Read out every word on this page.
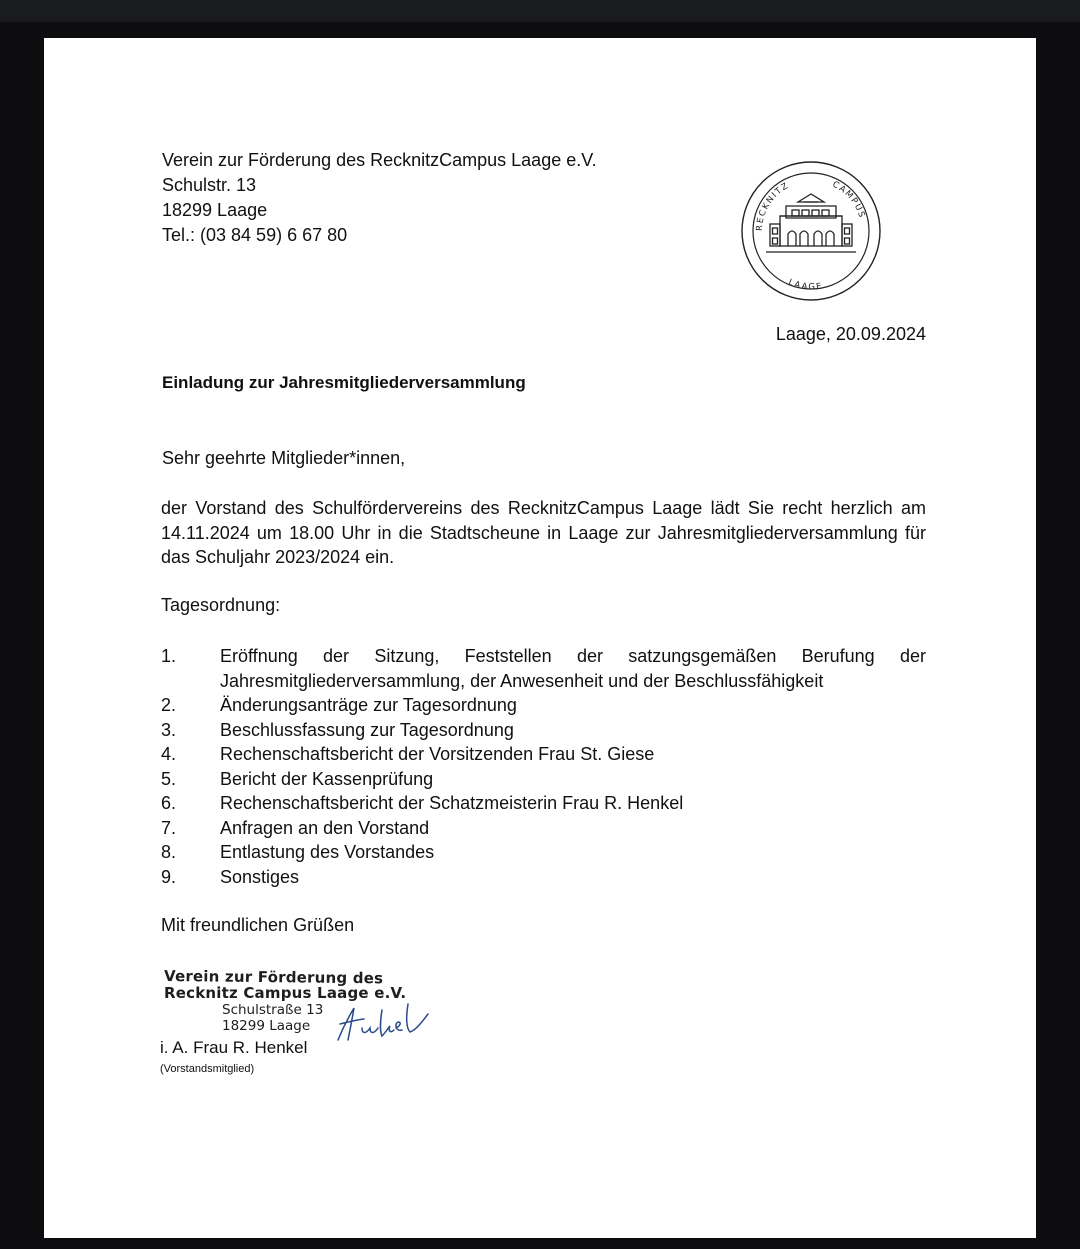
Verein zur Förderung des RecknitzCampus Laage e.V.
Schulstr. 13
18299 Laage
Tel.: (03 84 59) 6 67 80	RECKNITZ	CAMPUS
LAAGE
Laage, 20.09.2024
Einladung zur Jahresmitgliederversammlung
Sehr geehrte Mitglieder*innen,
der Vorstand des Schulfördervereins des RecknitzCampus Laage lädt Sie recht herzlich am 14.11.2024 um 18.00 Uhr in die Stadtscheune in Laage zur Jahresmitgliederversammlung für das Schuljahr 2023/2024 ein.
Tagesordnung:
1.	Eröffnung der Sitzung, Feststellen der satzungsgemäßen Berufung der Jahresmitgliederversammlung, der Anwesenheit und der Beschlussfähigkeit
2.	Änderungsanträge zur Tagesordnung
3.	Beschlussfassung zur Tagesordnung
4.	Rechenschaftsbericht der Vorsitzenden Frau St. Giese
5.	Bericht der Kassenprüfung
6.	Rechenschaftsbericht der Schatzmeisterin Frau R. Henkel
7.	Anfragen an den Vorstand
8.	Entlastung des Vorstandes
9.	Sonstiges
Mit freundlichen Grüßen
Verein zur Förderung des
Recknitz Campus Laage e.V.
Schulstraße 13
18299 Laage
i. A. Frau R. Henkel
(Vorstandsmitglied)
